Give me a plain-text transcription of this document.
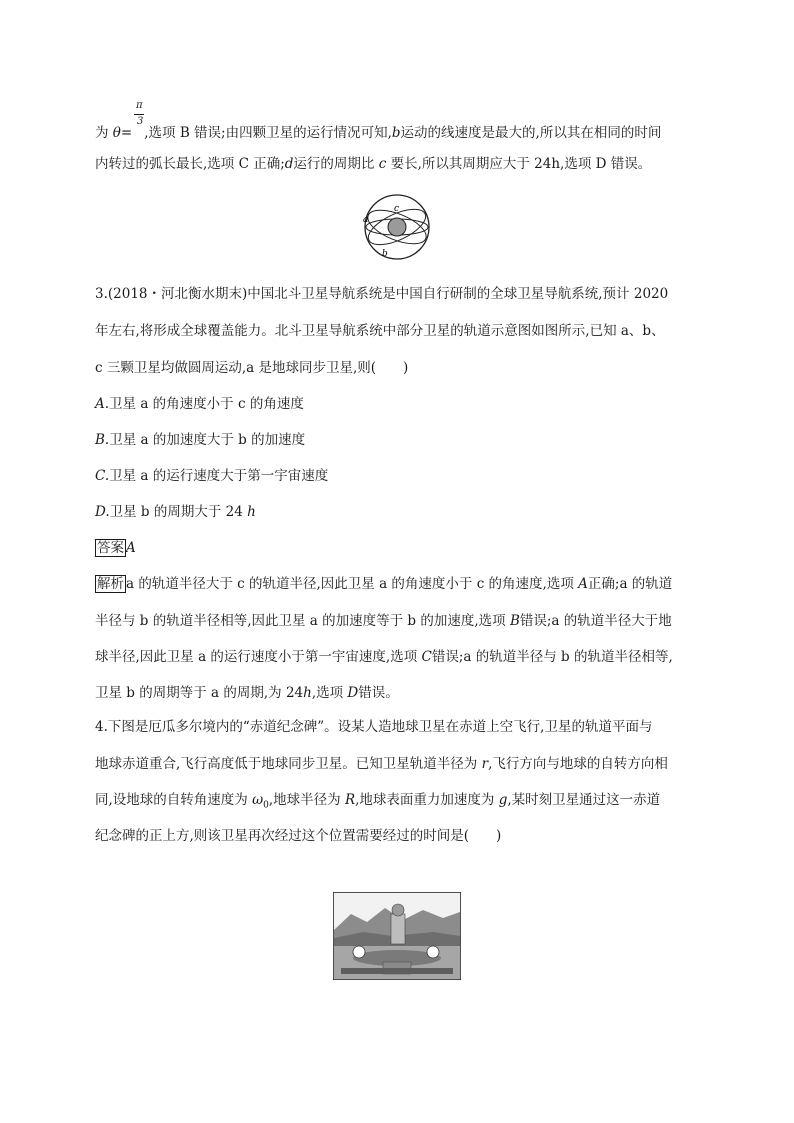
π
3
为 θ= ,选项 B 错误;由四颗卫星的运行情况可知,b运动的线速度是最大的,所以其在相同的时间
内转过的弧长最长,选项 C 正确;d运行的周期比 c 要长,所以其周期应大于 24h,选项 D 错误。
a
c
b
3.(2018・河北衡水期末)中国北斗卫星导航系统是中国自行研制的全球卫星导航系统,预计 2020
年左右,将形成全球覆盖能力。北斗卫星导航系统中部分卫星的轨道示意图如图所示,已知 a、b、
c 三颗卫星均做圆周运动,a 是地球同步卫星,则(　　)
A.卫星 a 的角速度小于 c 的角速度
B.卫星 a 的加速度大于 b 的加速度
C.卫星 a 的运行速度大于第一宇宙速度
D.卫星 b 的周期大于 24 h
答案 A
解析 a 的轨道半径大于 c 的轨道半径,因此卫星 a 的角速度小于 c 的角速度,选项 A正确;a 的轨道
半径与 b 的轨道半径相等,因此卫星 a 的加速度等于 b 的加速度,选项 B错误;a 的轨道半径大于地
球半径,因此卫星 a 的运行速度小于第一宇宙速度,选项 C错误;a 的轨道半径与 b 的轨道半径相等,
卫星 b 的周期等于 a 的周期,为 24h,选项 D错误。
4.下图是厄瓜多尔境内的“赤道纪念碑”。设某人造地球卫星在赤道上空飞行,卫星的轨道平面与
地球赤道重合,飞行高度低于地球同步卫星。已知卫星轨道半径为 r,飞行方向与地球的自转方向相
同,设地球的自转角速度为 $\omega_0$,地球半径为 R,地球表面重力加速度为 g,某时刻卫星通过这一赤道
纪念碑的正上方,则该卫星再次经过这个位置需要经过的时间是(　　)
